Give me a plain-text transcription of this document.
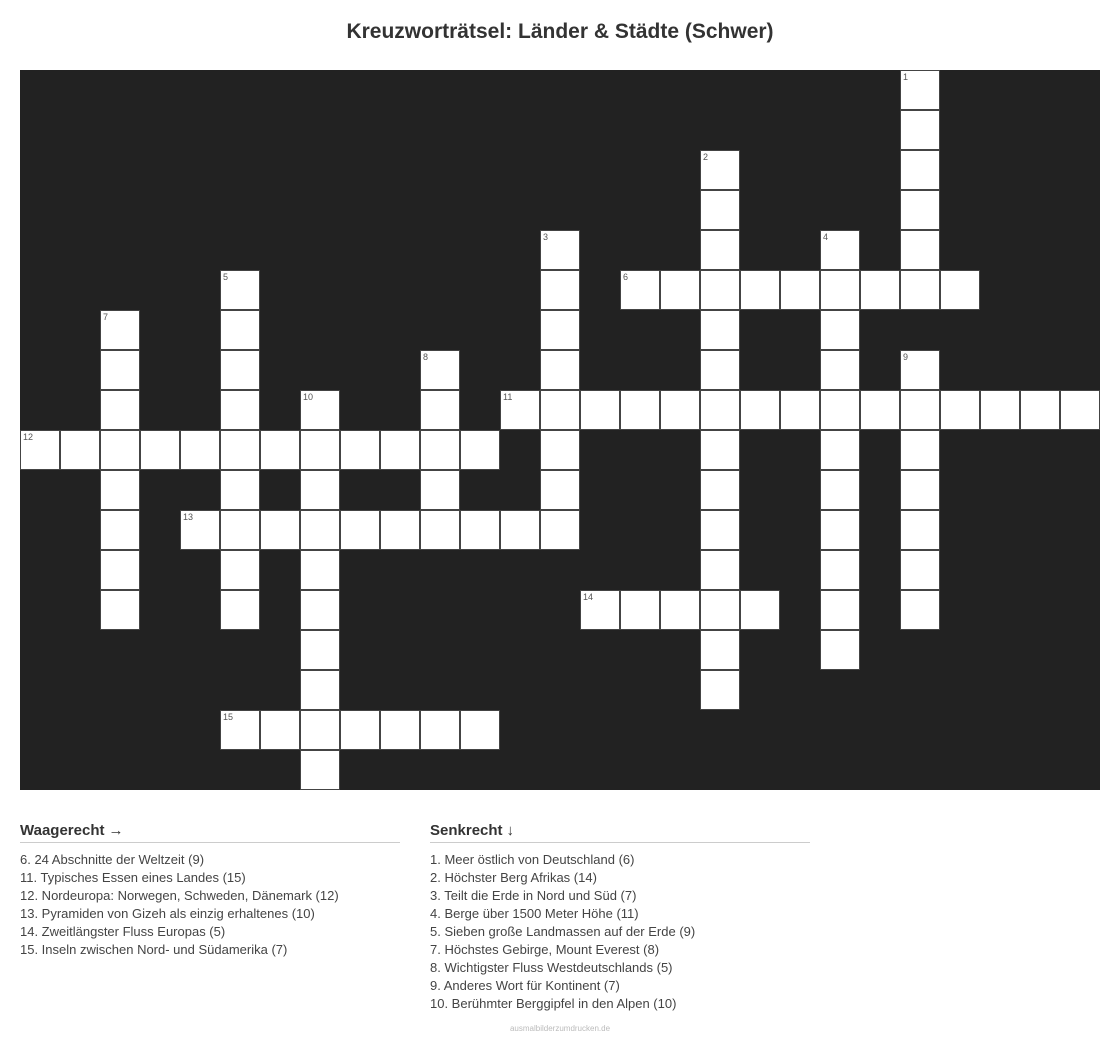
Kreuzworträtsel: Länder & Städte (Schwer)
1
2
3	4
5	6
7
8	9
10	11
12
13
14
15
Waagerecht →
6. 24 Abschnitte der Weltzeit (9)
11. Typisches Essen eines Landes (15)
12. Nordeuropa: Norwegen, Schweden, Dänemark (12)
13. Pyramiden von Gizeh als einzig erhaltenes (10)
14. Zweitlängster Fluss Europas (5)
15. Inseln zwischen Nord- und Südamerika (7)
Senkrecht ↓
1. Meer östlich von Deutschland (6)
2. Höchster Berg Afrikas (14)
3. Teilt die Erde in Nord und Süd (7)
4. Berge über 1500 Meter Höhe (11)
5. Sieben große Landmassen auf der Erde (9)
7. Höchstes Gebirge, Mount Everest (8)
8. Wichtigster Fluss Westdeutschlands (5)
9. Anderes Wort für Kontinent (7)
10. Berühmter Berggipfel in den Alpen (10)
ausmalbilderzumdrucken.de
